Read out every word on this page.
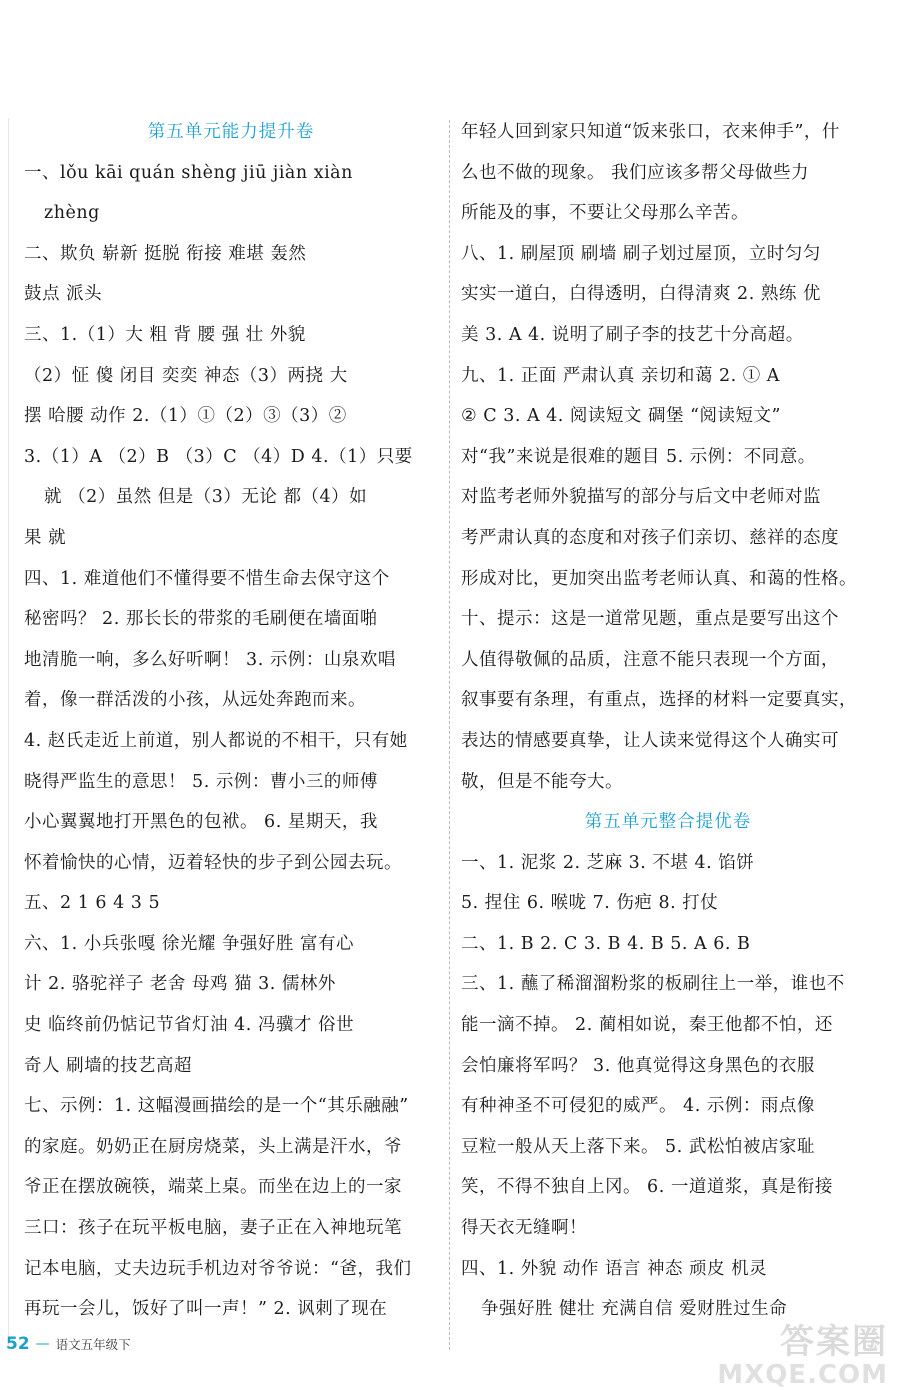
第五单元能力提升卷

一、lǒu kāi quán shèng jiū jiàn xiàn

zhèng

二、欺负 崭新 挺脱 衔接 难堪 轰然

鼓点 派头

三、1.（1）大 粗 背 腰 强 壮 外貌

（2）怔 傻 闭目 奕奕 神态（3）两挠 大

摆 哈腰 动作 2.（1）①（2）③（3）②

3.（1）A （2）B （3）C （4）D 4.（1）只要

就 （2）虽然 但是（3）无论 都（4）如

果 就

四、1. 难道他们不懂得要不惜生命去保守这个

秘密吗？ 2. 那长长的带浆的毛刷便在墙面啪

地清脆一响，多么好听啊！ 3. 示例：山泉欢唱

着，像一群活泼的小孩，从远处奔跑而来。

4. 赵氏走近上前道，别人都说的不相干，只有她

晓得严监生的意思！ 5. 示例：曹小三的师傅

小心翼翼地打开黑色的包袱。 6. 星期天，我

怀着愉快的心情，迈着轻快的步子到公园去玩。

五、2 1 6 4 3 5

六、1. 小兵张嘎 徐光耀 争强好胜 富有心

计 2. 骆驼祥子 老舍 母鸡 猫 3. 儒林外

史 临终前仍惦记节省灯油 4. 冯骥才 俗世

奇人 刷墙的技艺高超

七、示例：1. 这幅漫画描绘的是一个“其乐融融”

的家庭。奶奶正在厨房烧菜，头上满是汗水，爷

爷正在摆放碗筷，端菜上桌。而坐在边上的一家

三口：孩子在玩平板电脑，妻子正在入神地玩笔

记本电脑，丈夫边玩手机边对爷爷说：“爸，我们

再玩一会儿，饭好了叫一声！” 2. 讽刺了现在

年轻人回到家只知道“饭来张口，衣来伸手”，什

么也不做的现象。 我们应该多帮父母做些力

所能及的事，不要让父母那么辛苦。

八、1. 刷屋顶 刷墙 刷子划过屋顶，立时匀匀

实实一道白，白得透明，白得清爽 2. 熟练 优

美 3. A 4. 说明了刷子李的技艺十分高超。

九、1. 正面 严肃认真 亲切和蔼 2. ① A

② C 3. A 4. 阅读短文 碉堡 “阅读短文”

对“我”来说是很难的题目 5. 示例：不同意。

对监考老师外貌描写的部分与后文中老师对监

考严肃认真的态度和对孩子们亲切、慈祥的态度

形成对比，更加突出监考老师认真、和蔼的性格。

十、提示：这是一道常见题，重点是要写出这个

人值得敬佩的品质，注意不能只表现一个方面，

叙事要有条理，有重点，选择的材料一定要真实，

表达的情感要真挚，让人读来觉得这个人确实可

敬，但是不能夸大。

第五单元整合提优卷

一、1. 泥浆 2. 芝麻 3. 不堪 4. 馅饼

5. 捏住 6. 喉咙 7. 伤疤 8. 打仗

二、1. B 2. C 3. B 4. B 5. A 6. B

三、1. 蘸了稀溜溜粉浆的板刷往上一举，谁也不

能一滴不掉。 2. 蔺相如说，秦王他都不怕，还

会怕廉将军吗？ 3. 他真觉得这身黑色的衣服

有种神圣不可侵犯的威严。 4. 示例：雨点像

豆粒一般从天上落下来。 5. 武松怕被店家耻

笑，不得不独自上冈。 6. 一道道浆，真是衔接

得天衣无缝啊！

四、1. 外貌 动作 语言 神态 顽皮 机灵

争强好胜 健壮 充满自信 爱财胜过生命

52 — 语文五年级下	答案圈
MXQE.COM
